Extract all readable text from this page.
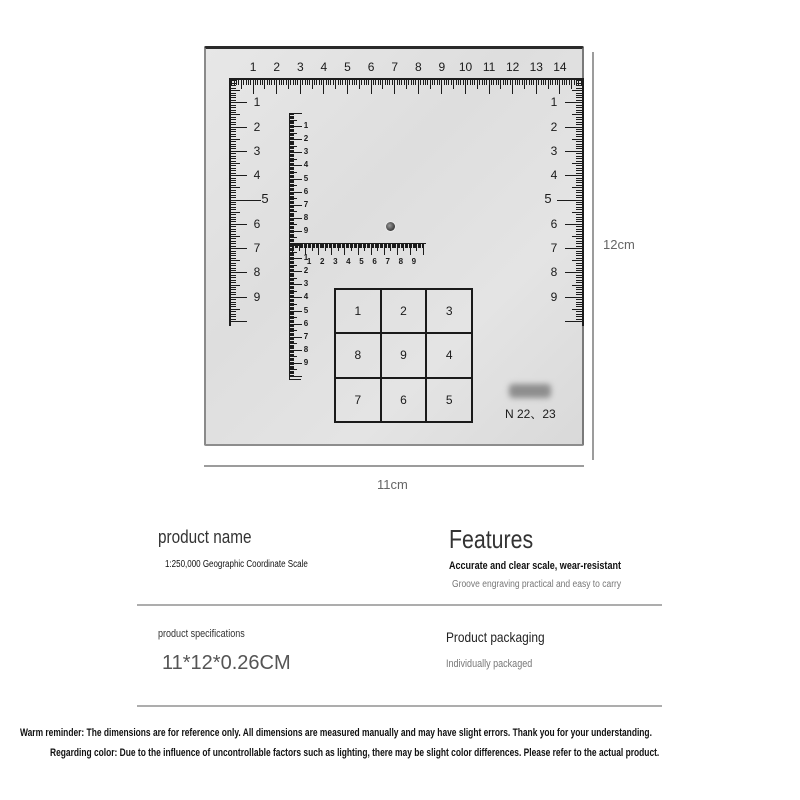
1 2 3 4 5 6 7 8 9 10 11 12 13 14
1
2
3
4
5
6
7
8
9
1
2
3
4
5
6
7
8
9
1
2
3
4
5
6
7
8
9
1 2 3 4 5 6 7 8 9
1
2
3
4
5
6
7
8
9
1	2	3
8	9	4
7	6	5
N 22、23
12cm
11cm
product name
1:250,000 Geographic Coordinate Scale
Features
Accurate and clear scale, wear-resistant
Groove engraving practical and easy to carry
product specifications
11*12*0.26CM
Product packaging
Individually packaged
Warm reminder: The dimensions are for reference only. All dimensions are measured manually and may have slight errors. Thank you for your understanding.
Regarding color: Due to the influence of uncontrollable factors such as lighting, there may be slight color differences. Please refer to the actual product.
